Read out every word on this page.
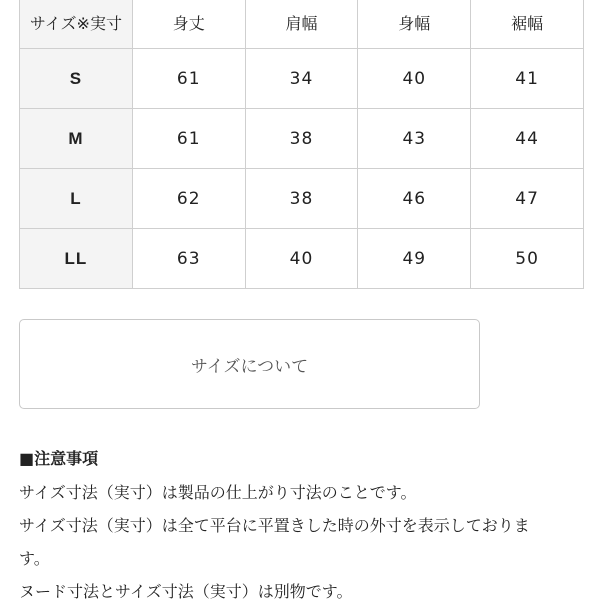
サイズ※実寸	身丈	肩幅	身幅	裾幅
S	61	34	40	41
M	61	38	43	44
L	62	38	46	47
LL	63	40	49	50
サイズについて
■注意事項
サイズ寸法（実寸）は製品の仕上がり寸法のことです。
サイズ寸法（実寸）は全て平台に平置きした時の外寸を表示しておりま
す。
ヌード寸法とサイズ寸法（実寸）は別物です。
